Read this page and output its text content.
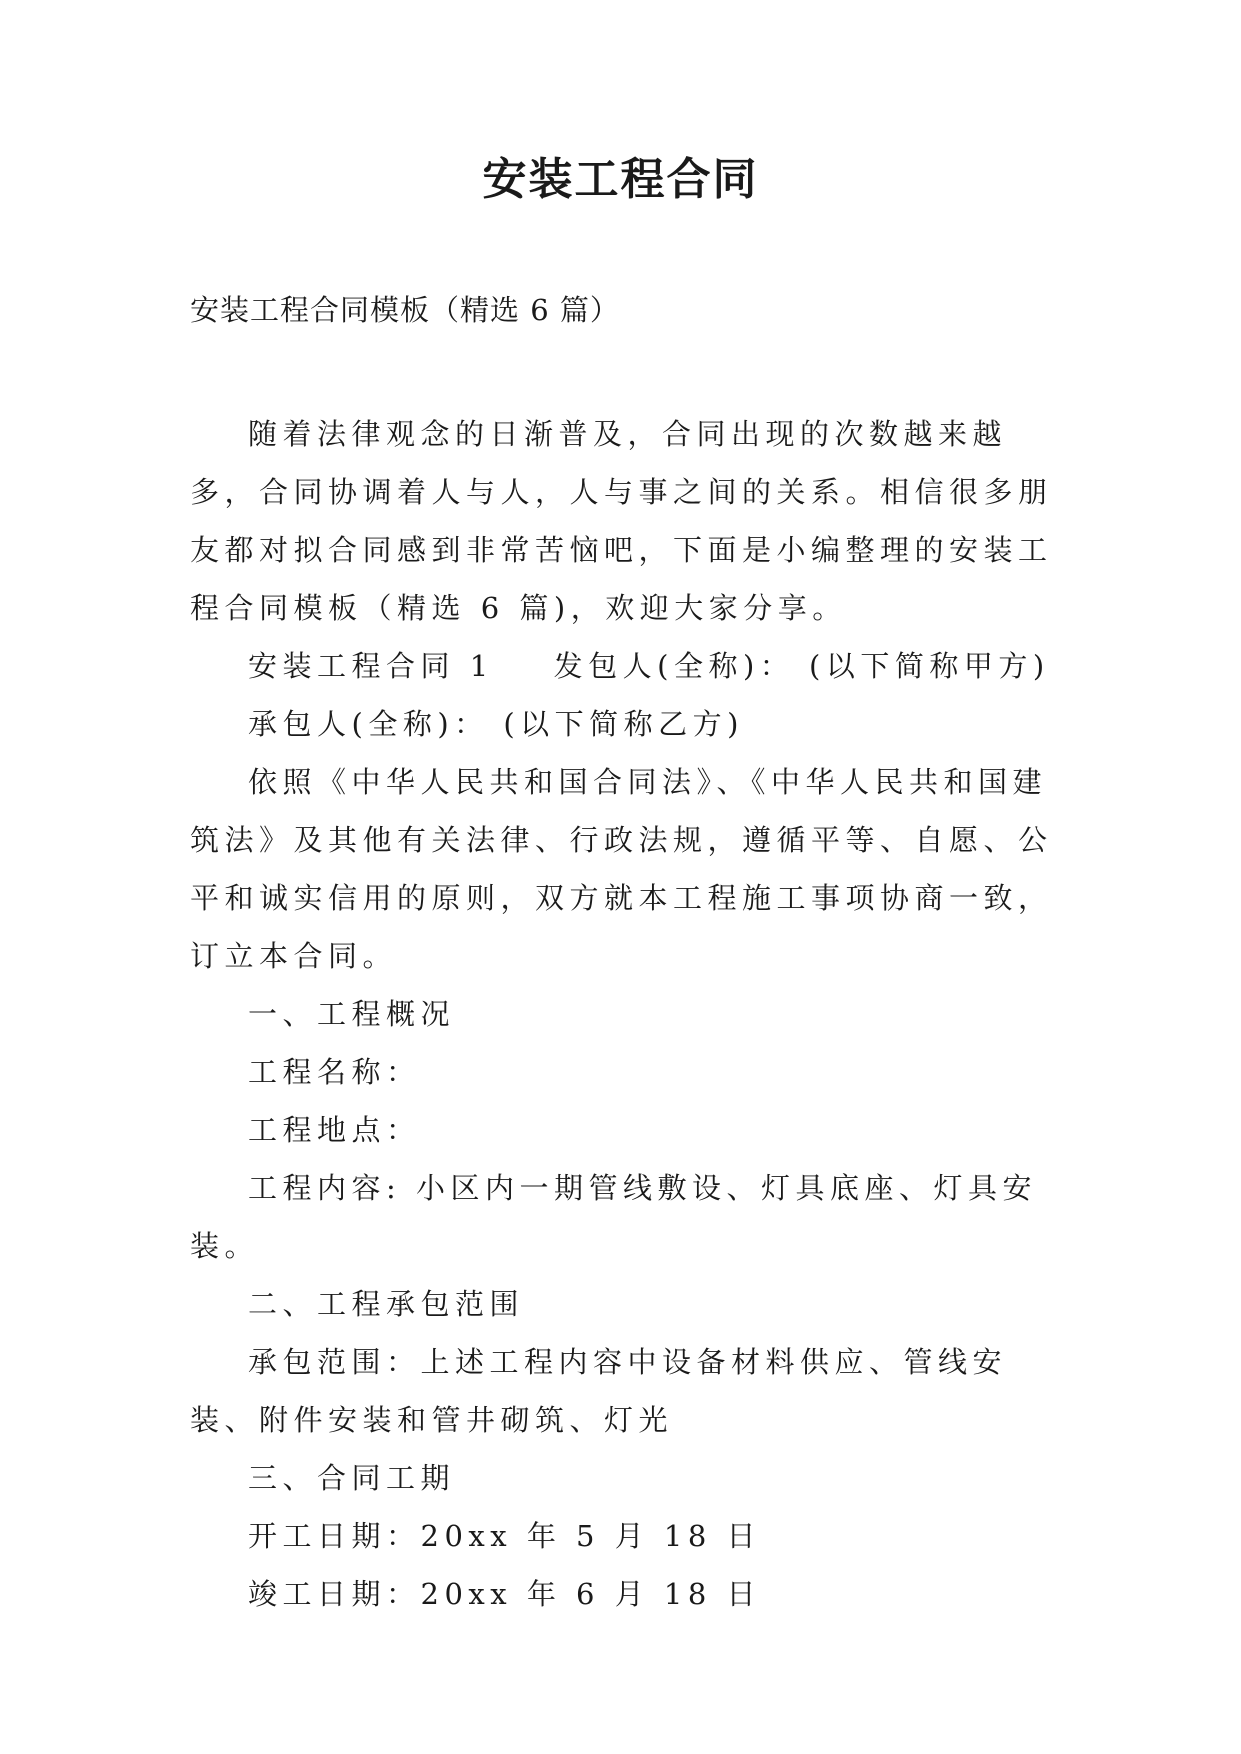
安装工程合同
安装工程合同模板（精选 6 篇）

随着法律观念的日渐普及，合同出现的次数越来越多，合同协调着人与人，人与事之间的关系。相信很多朋友都对拟合同感到非常苦恼吧，下面是小编整理的安装工程合同模板（精选 6 篇)，欢迎大家分享。

安装工程合同 1 发包人(全称)： (以下简称甲方)

承包人(全称)： (以下简称乙方)

依照《中华人民共和国合同法》、《中华人民共和国建筑法》及其他有关法律、行政法规，遵循平等、自愿、公平和诚实信用的原则，双方就本工程施工事项协商一致，订立本合同。

一、工程概况

工程名称：

工程地点：

工程内容: 小区内一期管线敷设、灯具底座、灯具安装。

二、工程承包范围

承包范围：上述工程内容中设备材料供应、管线安装、附件安装和管井砌筑、灯光

三、合同工期

开工日期：20xx 年 5 月 18 日

竣工日期：20xx 年 6 月 18 日
